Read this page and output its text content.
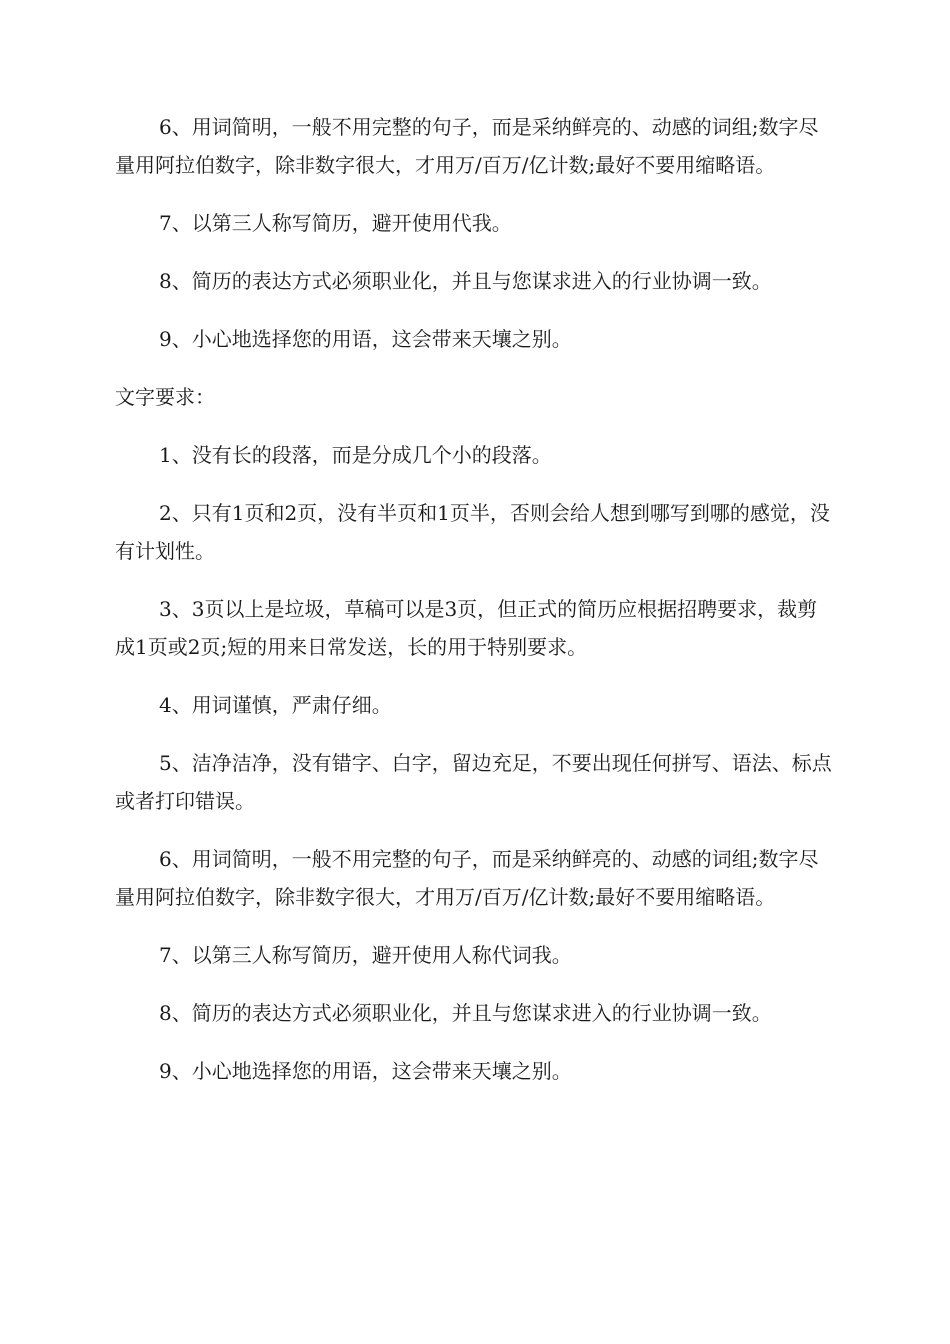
6、用词简明，一般不用完整的句子，而是采纳鲜亮的、动感的词组;数字尽量用阿拉伯数字，除非数字很大，才用万/百万/亿计数;最好不要用缩略语。

7、以第三人称写简历，避开使用代我。

8、简历的表达方式必须职业化，并且与您谋求进入的行业协调一致。

9、小心地选择您的用语，这会带来天壤之别。

文字要求：

1、没有长的段落，而是分成几个小的段落。

2、只有1页和2页，没有半页和1页半，否则会给人想到哪写到哪的感觉，没有计划性。

3、3页以上是垃圾，草稿可以是3页，但正式的简历应根据招聘要求，裁剪成1页或2页;短的用来日常发送，长的用于特别要求。

4、用词谨慎，严肃仔细。

5、洁净洁净，没有错字、白字，留边充足，不要出现任何拼写、语法、标点或者打印错误。

6、用词简明，一般不用完整的句子，而是采纳鲜亮的、动感的词组;数字尽量用阿拉伯数字，除非数字很大，才用万/百万/亿计数;最好不要用缩略语。

7、以第三人称写简历，避开使用人称代词我。

8、简历的表达方式必须职业化，并且与您谋求进入的行业协调一致。

9、小心地选择您的用语，这会带来天壤之别。
